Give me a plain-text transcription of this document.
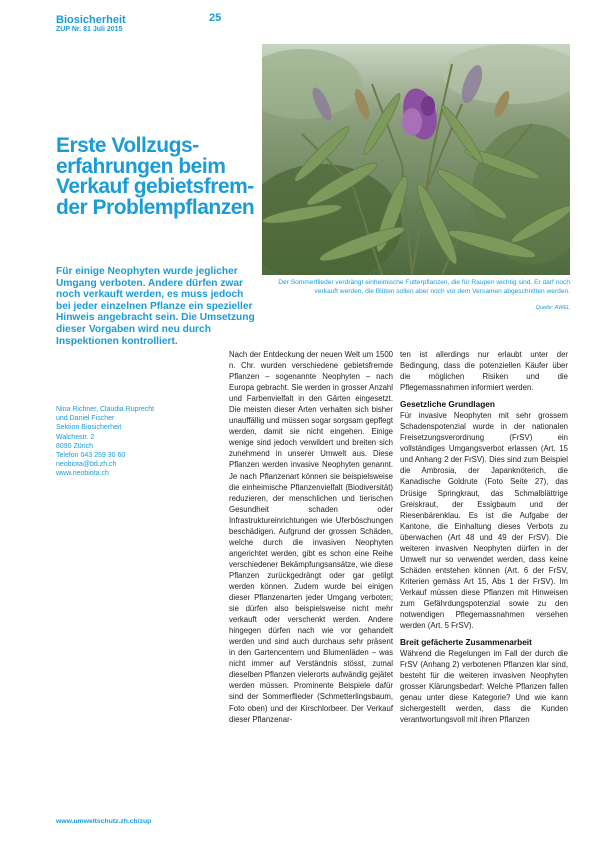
Biosicherheit
ZUP Nr. 81 Juli 2015
25
Der Sommerflieder verdrängt einheimische Futterpflanzen, die für Raupen wichtig sind. Er darf noch verkauft werden, die Blüten sollen aber noch vor dem Versamen abgeschnitten werden.
Quelle: AWEL
Erste Vollzugserfahrungen beim Verkauf gebietsfremder Problempflanzen
Für einige Neophyten wurde jeglicher Umgang verboten. Andere dürfen zwar noch verkauft werden, es muss jedoch bei jeder einzelnen Pflanze ein spezieller Hinweis angebracht sein. Die Umsetzung dieser Vorgaben wird neu durch Inspektionen kontrolliert.
Nina Richner, Claudia Ruprecht
und Daniel Fischer
Sektion Biosicherheit
Walchestr. 2
8090 Zürich
Telefon 043 259 30 60
neobiota@bd.zh.ch
www.neobiota.ch

Nach der Entdeckung der neuen Welt um 1500 n. Chr. wurden verschiedene gebietsfremde Pflanzen – sogenannte Neophyten – nach Europa gebracht. Sie werden in grosser Anzahl und Farbenvielfalt in den Gärten eingesetzt. Die meisten dieser Arten verhalten sich bisher unauffällig und müssen sogar sorgsam gepflegt werden, damit sie nicht eingehen. Einige wenige sind jedoch verwildert und breiten sich zunehmend in unserer Umwelt aus. Diese Pflanzen werden invasive Neophyten genannt. Je nach Pflanzenart können sie beispielsweise die einheimische Pflanzenvielfalt (Biodiversität) reduzieren, der menschlichen und tierischen Gesundheit schaden oder Infrastruktureinrichtungen wie Uferböschungen beschädigen. Aufgrund der grossen Schäden, welche durch die invasiven Neophyten angerichtet werden, gibt es schon eine Reihe verschiedener Bekämpfungsansätze, wie diese Pflanzen zurückgedrängt oder gar getilgt werden können. Zudem wurde bei einigen dieser Pflanzenarten jeder Umgang verboten; sie dürfen also beispielsweise nicht mehr verkauft oder verschenkt werden. Andere hingegen dürfen nach wie vor gehandelt werden und sind auch durchaus sehr präsent in den Gartencentern und Blumenläden – was nicht immer auf Verständnis stösst, zumal dieselben Pflanzen vielerorts aufwändig gejätet werden müssen. Prominente Beispiele dafür sind der Sommerflieder (Schmetterlingsbaum, Foto oben) und der Kirschlorbeer. Der Verkauf dieser Pflanzenar-

ten ist allerdings nur erlaubt unter der Bedingung, dass die potenziellen Käufer über die möglichen Risiken und die Pflegemassnahmen informiert werden.

Gesetzliche Grundlagen

Für invasive Neophyten mit sehr grossem Schadenspotenzial wurde in der nationalen Freisetzungsverordnung (FrSV) ein vollständiges Umgangsverbot erlassen (Art. 15 und Anhang 2 der FrSV). Dies sind zum Beispiel die Ambrosia, der Japanknöterich, die Kanadische Goldrute (Foto Seite 27), das Drüsige Springkraut, das Schmalblättrige Greiskraut, der Essigbaum und der Riesenbärenklau. Es ist die Aufgabe der Kantone, die Einhaltung dieses Verbots zu überwachen (Art 48 und 49 der FrSV). Die weiteren invasiven Neophyten dürfen in der Umwelt nur so verwendet werden, dass keine Schäden entstehen können (Art. 6 der FrSV, Kriterien gemäss Art 15, Abs 1 der FrSV). Im Verkauf müssen diese Pflanzen mit Hinweisen zum Gefährdungspotenzial sowie zu den notwendigen Pflegemassnahmen versehen werden (Art. 5 FrSV).

Breit gefächerte Zusammenarbeit

Während die Regelungen im Fall der durch die FrSV (Anhang 2) verbotenen Pflanzen klar sind, besteht für die weiteren invasiven Neophyten grosser Klärungsbedarf: Welche Pflanzen fallen genau unter diese Kategorie? Und wie kann sichergestellt werden, dass die Kunden verantwortungsvoll mit ihren Pflanzen

www.umweltschutz.zh.ch/zup
